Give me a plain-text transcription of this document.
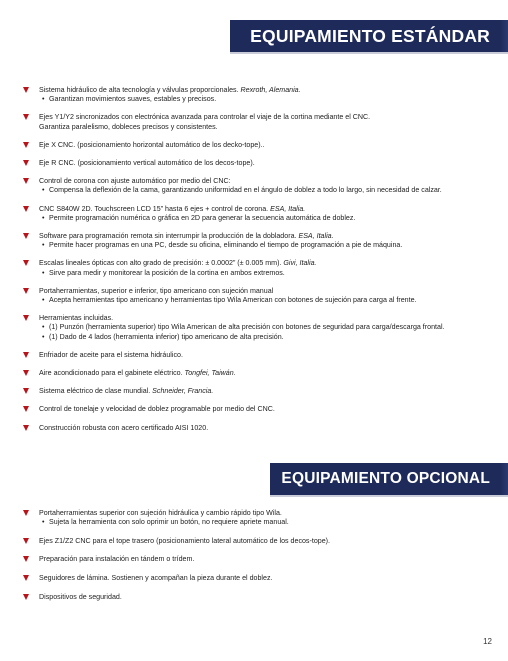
EQUIPAMIENTO ESTÁNDAR
Sistema hidráulico de alta tecnología y válvulas proporcionales. Rexroth, Alemania.
• Garantizan movimientos suaves, estables y precisos.
Ejes Y1/Y2 sincronizados con electrónica avanzada para controlar el viaje de la cortina mediante el CNC.
Garantiza paralelismo, dobleces precisos y consistentes.
Eje X CNC. (posicionamiento horizontal automático de los decko-tope)..
Eje R CNC. (posicionamiento vertical automático de los decos-tope).
Control de corona con ajuste automático por medio del CNC:
• Compensa la deflexión de la cama, garantizando uniformidad en el ángulo de doblez a todo lo largo, sin necesidad de calzar.
CNC S840W 2D. Touchscreen LCD 15” hasta 6 ejes + control de corona. ESA, Italia.
• Permite programación numérica o gráfica en 2D para generar la secuencia automática de doblez.
Software para programación remota sin interrumpir la producción de la dobladora. ESA, Italia.
• Permite hacer programas en una PC, desde su oficina, eliminando el tiempo de programación a pie de máquina.
Escalas lineales ópticas con alto grado de precisión: ± 0.0002” (± 0.005 mm). Givi, Italia.
• Sirve para medir y monitorear la posición de la cortina en ambos extremos.
Portaherramientas, superior e inferior, tipo americano con sujeción manual
• Acepta herramientas tipo americano y herramientas tipo Wila American con botones de sujeción para carga al frente.
Herramientas incluidas.
• (1) Punzón (herramienta superior) tipo Wila American de alta precisión con botones de seguridad para carga/descarga frontal.
• (1) Dado de 4 lados (herramienta inferior) tipo americano de alta precisión.
Enfriador de aceite para el sistema hidráulico.
Aire acondicionado para el gabinete eléctrico. Tongfei, Taiwán.
Sistema eléctrico de clase mundial. Schneider, Francia.
Control de tonelaje y velocidad de doblez programable por medio del CNC.
Construcción robusta con acero certificado AISI 1020.
EQUIPAMIENTO OPCIONAL
Portaherramientas superior con sujeción hidráulica y cambio rápido tipo Wila.
• Sujeta la herramienta con solo oprimir un botón, no requiere apriete manual.
Ejes Z1/Z2 CNC para el tope trasero (posicionamiento lateral automático de los decos-tope).
Preparación para instalación en tándem o trídem.
Seguidores de lámina. Sostienen y acompañan la pieza durante el doblez.
Dispositivos de seguridad.
12
